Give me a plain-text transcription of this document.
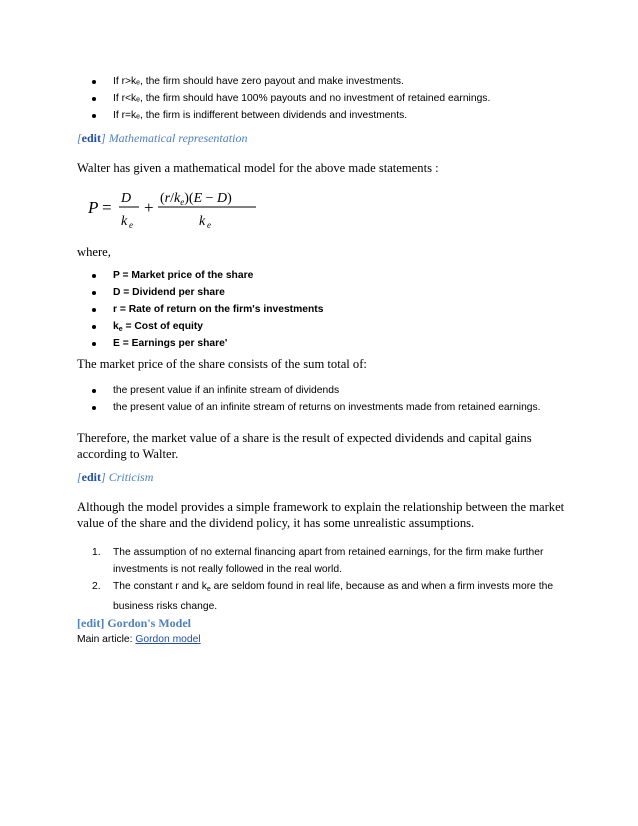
If r>kₑ, the firm should have zero payout and make investments.
If r<kₑ, the firm should have 100% payouts and no investment of retained earnings.
If r=kₑ, the firm is indifferent between dividends and investments.

[edit] Mathematical representation

Walter has given a mathematical model for the above made statements :

P = D
k e
+ $(r/k_e)(E - D)$
k e

where,

P = Market price of the share
D = Dividend per share
r = Rate of return on the firm's investments
$k_e$ = Cost of equity
E = Earnings per share'

The market price of the share consists of the sum total of:

the present value if an infinite stream of dividends
the present value of an infinite stream of returns on investments made from retained earnings.

Therefore, the market value of a share is the result of expected dividends and capital gains according to Walter.

[edit] Criticism

Although the model provides a simple framework to explain the relationship between the market value of the share and the dividend policy, it has some unrealistic assumptions.

1. The assumption of no external financing apart from retained earnings, for the firm make further investments is not really followed in the real world.
2. The constant r and $k_e$ are seldom found in real life, because as and when a firm invests more the business risks change.

[edit] Gordon's Model

Main article: Gordon model
